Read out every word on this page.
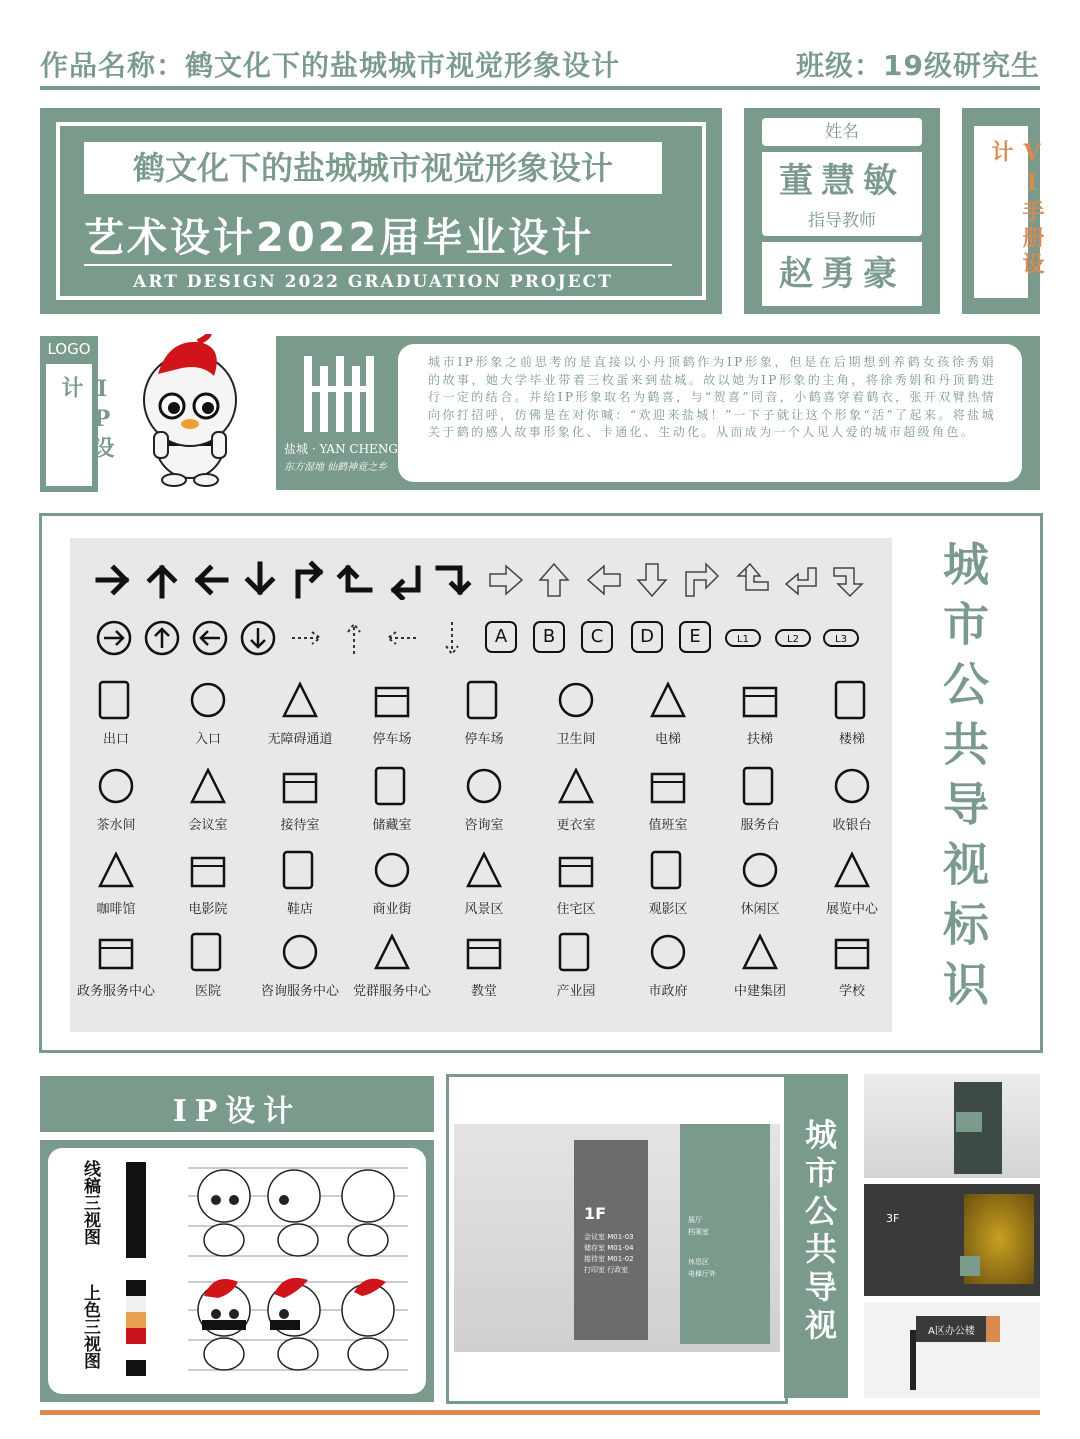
作品名称：鹤文化下的盐城城市视觉形象设计	班级：19级研究生
鹤文化下的盐城城市视觉形象设计
艺术设计2022届毕业设计
ART DESIGN 2022 GRADUATION PROJECT
姓名
董慧敏
指导教师
赵勇豪	VI手册设计
LOGO
IP设计
盐城 · YAN CHENG
东方湿地 仙鹤神竟之乡
城市IP形象之前思考的是直接以小丹顶鹤作为IP形象，但是在后期想到养鹤女孩徐秀娟的故事，她大学毕业带着三枚蛋来到盐城。故以她为IP形象的主角，将徐秀娟和丹顶鹤进行一定的结合。并给IP形象取名为鹤喜，与“贺喜”同音，小鹤喜穿着鹤衣，张开双臂热情向你打招呼，仿佛是在对你喊：“欢迎来盐城！”一下子就让这个形象“活”了起来。将盐城关于鹤的感人故事形象化、卡通化、生动化。从而成为一个人见人爱的城市超级角色。
A	B	C	D	E	L1	L2	L3
出口	入口	无障碍通道	停车场	停车场	卫生间	电梯	扶梯	楼梯
茶水间	会议室	接待室	储藏室	咨询室	更衣室	值班室	服务台	收银台
咖啡馆	电影院	鞋店	商业街	风景区	住宅区	观影区	休闲区	展览中心
政务服务中心	医院	咨询服务中心	党群服务中心	教堂	产业园	市政府	中建集团	学校	城市公共导视标识
IP设计
线稿三视图
上色三视图
1F
会议室 M01-03
储存室 M01-04
接待室 M01-02
打印室 行政室
展厅
档案室
休息区
电梯厅外	城市公共导视	3F
A区办公楼
